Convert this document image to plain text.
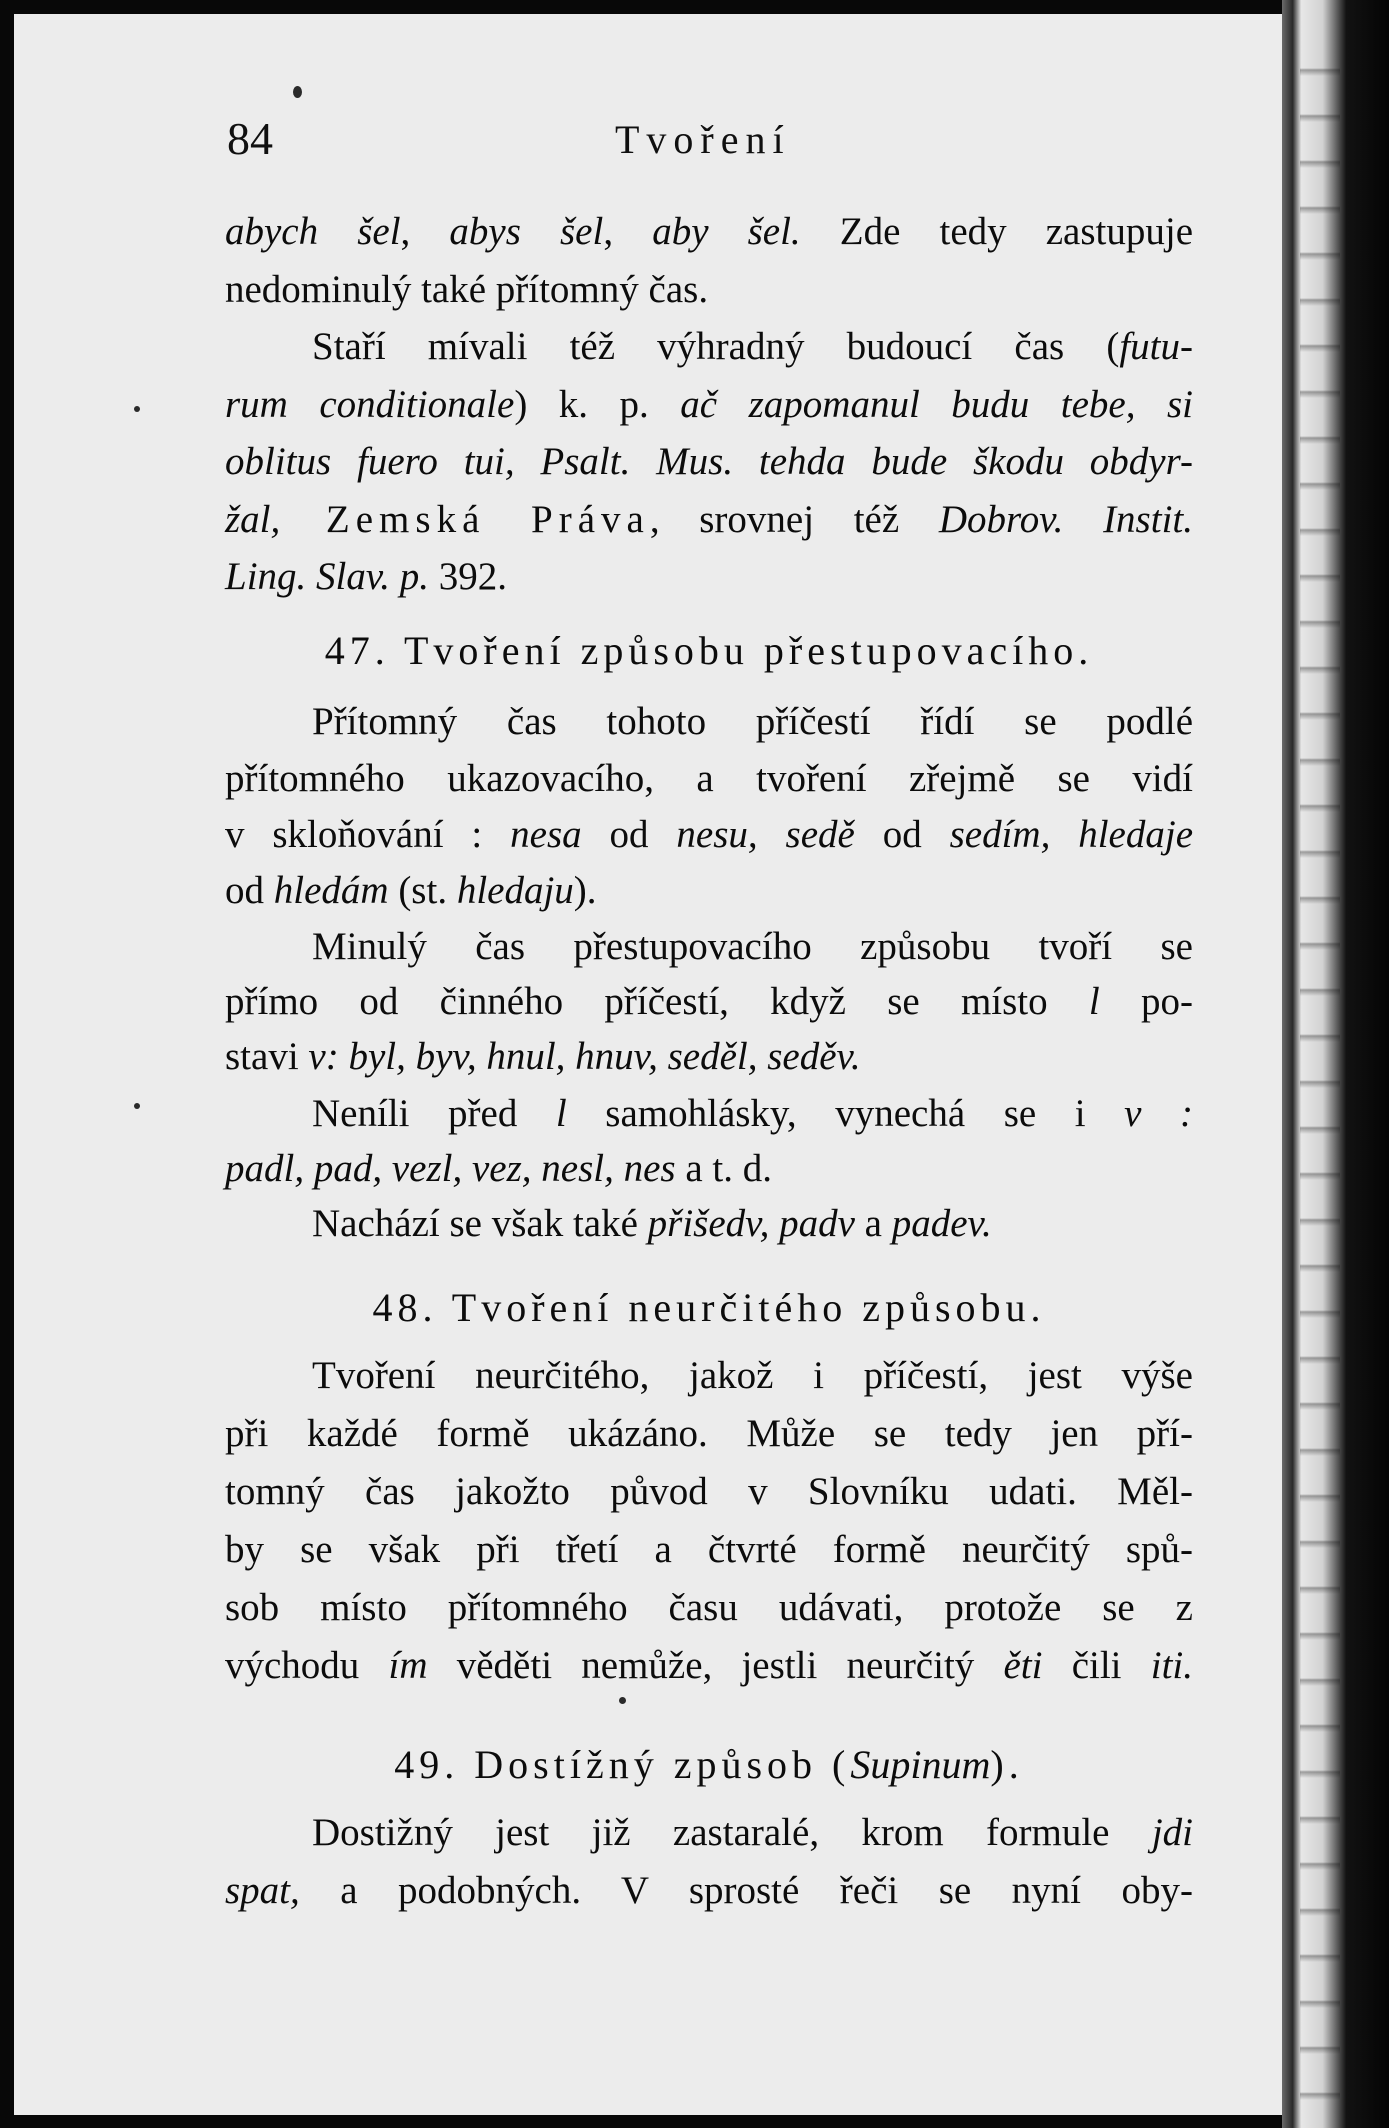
84	Tvoření
abych šel, abys šel, aby šel. Zde tedy zastupuje
nedominulý také přítomný čas.
Staří mívali též výhradný budoucí čas (futu-
rum conditionale) k. p. ač zapomanul budu tebe, si
oblitus fuero tui, Psalt. Mus. tehda bude škodu obdyr-
žal, Zemská Práva, srovnej též Dobrov. Instit.
Ling. Slav. p. 392.
47. Tvoření způsobu přestupovacího.
Přítomný čas tohoto příčestí řídí se podlé
přítomného ukazovacího, a tvoření zřejmě se vidí
v skloňování : nesa od nesu, sedě od sedím, hledaje
od hledám (st. hledaju).
Minulý čas přestupovacího způsobu tvoří se
přímo od činného příčestí, když se místo l po-
stavi v: byl, byv, hnul, hnuv, seděl, seděv.
Neníli před l samohlásky, vynechá se i v :
padl, pad, vezl, vez, nesl, nes a t. d.
Nachází se však také přišedv, padv a padev.
48. Tvoření neurčitého způsobu.
Tvoření neurčitého, jakož i příčestí, jest výše
při každé formě ukázáno. Může se tedy jen pří-
tomný čas jakožto původ v Slovníku udati. Měl-
by se však při třetí a čtvrté formě neurčitý spů-
sob místo přítomného času udávati, protože se z
východu ím věděti nemůže, jestli neurčitý ěti čili iti.
49. Dostížný způsob (Supinum).
Dostižný jest již zastaralé, krom formule jdi
spat, a podobných. V sprosté řeči se nyní oby-
